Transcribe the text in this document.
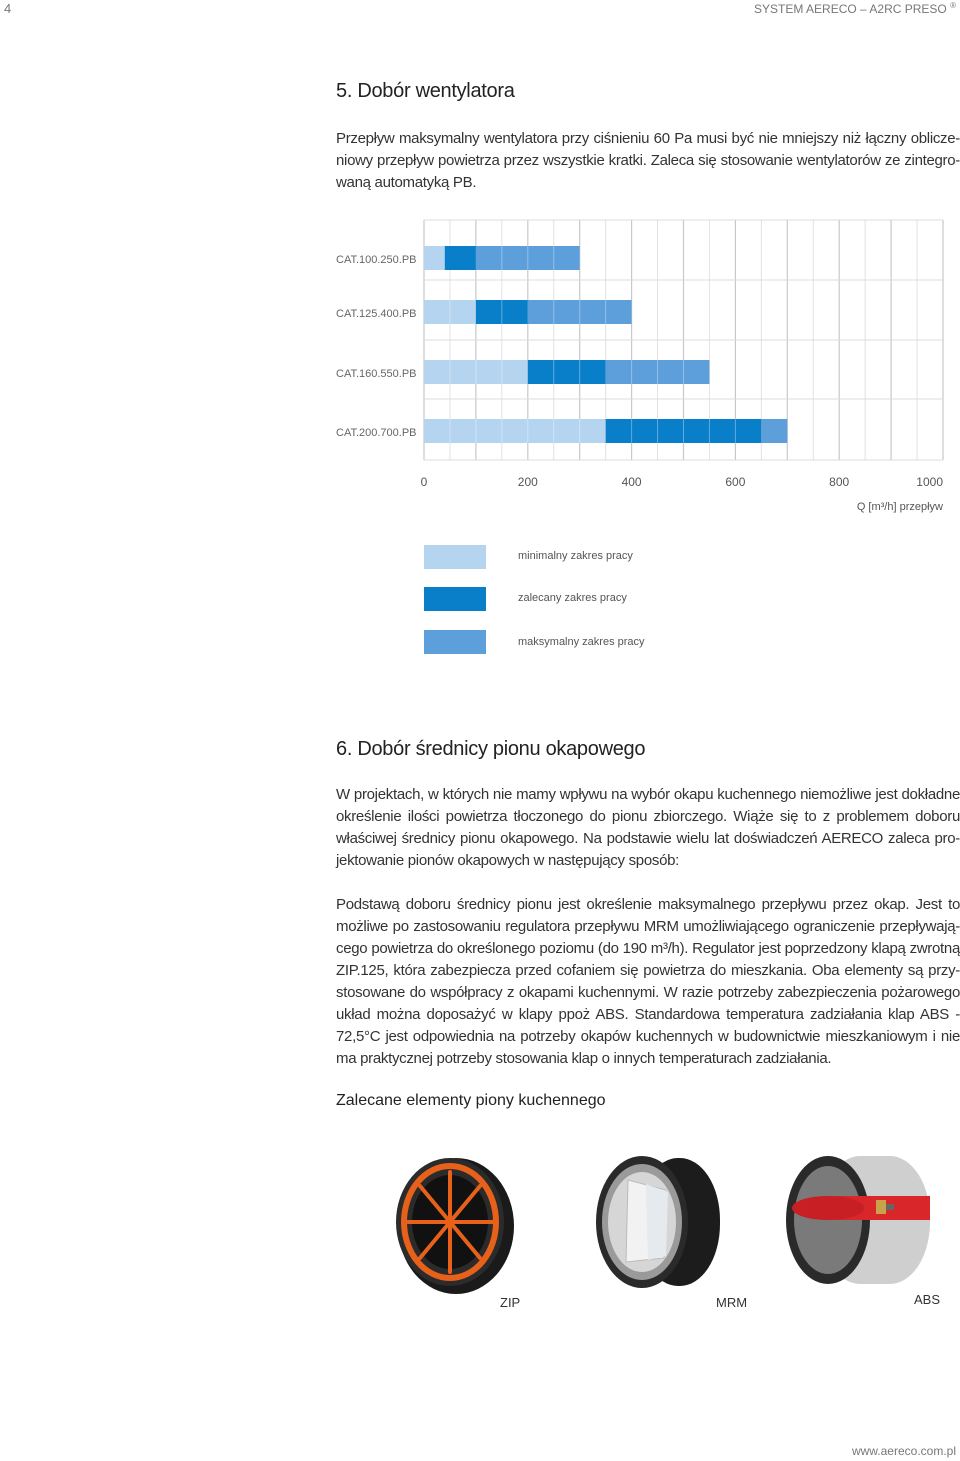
4	SYSTEM AERECO – A2RC PRESO ®
5. Dobór wentylatora
Przepływ maksymalny wentylatora przy ciśnieniu 60 Pa musi być nie mniejszy niż łączny oblicze-
niowy przepływ powietrza przez wszystkie kratki. Zaleca się stosowanie wentylatorów ze zintegro-
waną automatyką PB.
CAT.100.250.PB
CAT.125.400.PB
CAT.160.550.PB
CAT.200.700.PB
0	200	400	600	800	1000
Q [m³/h] przepływ
minimalny zakres pracy
zalecany zakres pracy
maksymalny zakres pracy
6. Dobór średnicy pionu okapowego
W projektach, w których nie mamy wpływu na wybór okapu kuchennego niemożliwe jest dokładne
określenie ilości powietrza tłoczonego do pionu zbiorczego. Wiąże się to z problemem doboru
właściwej średnicy pionu okapowego. Na podstawie wielu lat doświadczeń AERECO zaleca pro-
jektowanie pionów okapowych w następujący sposób:
Podstawą doboru średnicy pionu jest określenie maksymalnego przepływu przez okap. Jest to
możliwe po zastosowaniu regulatora przepływu MRM umożliwiającego ograniczenie przepływają-
cego powietrza do określonego poziomu (do 190 m³/h). Regulator jest poprzedzony klapą zwrotną
ZIP.125, która zabezpiecza przed cofaniem się powietrza do mieszkania. Oba elementy są przy-
stosowane do współpracy z okapami kuchennymi. W razie potrzeby zabezpieczenia pożarowego
układ można doposażyć w klapy ppoż ABS. Standardowa temperatura zadziałania klap ABS -
72,5°C jest odpowiednia na potrzeby okapów kuchennych w budownictwie mieszkaniowym i nie
ma praktycznej potrzeby stosowania klap o innych temperaturach zadziałania.
Zalecane elementy piony kuchennego
ZIP	MRM	ABS
www.aereco.com.pl
